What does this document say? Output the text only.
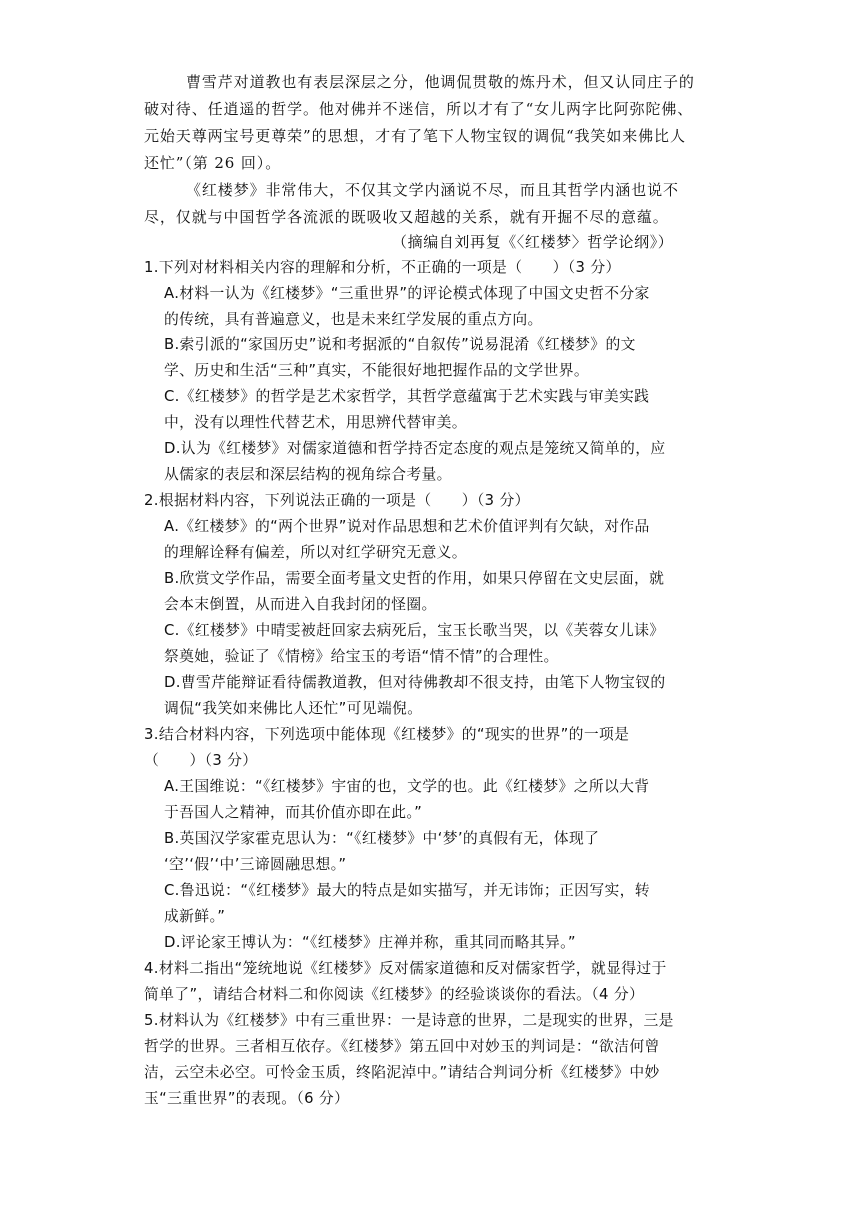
曹雪芹对道教也有表层深层之分，他调侃贯敬的炼丹术，但又认同庄子的
破对待、任逍遥的哲学。他对佛并不迷信，所以才有了“女儿两字比阿弥陀佛、
元始天尊两宝号更尊荣”的思想，才有了笔下人物宝钗的调侃“我笑如来佛比人
还忙”（第 26 回）。
《红楼梦》非常伟大，不仅其文学内涵说不尽，而且其哲学内涵也说不
尽，仅就与中国哲学各流派的既吸收又超越的关系，就有开掘不尽的意蕴。
（摘编自刘再复《〈红楼梦〉哲学论纲》）
1.下列对材料相关内容的理解和分析，不正确的一项是（　　）（3 分）
A.材料一认为《红楼梦》“三重世界”的评论模式体现了中国文史哲不分家
的传统，具有普遍意义，也是未来红学发展的重点方向。
B.索引派的“家国历史”说和考据派的“自叙传”说易混淆《红楼梦》的文
学、历史和生活“三种”真实，不能很好地把握作品的文学世界。
C.《红楼梦》的哲学是艺术家哲学，其哲学意蕴寓于艺术实践与审美实践
中，没有以理性代替艺术，用思辨代替审美。
D.认为《红楼梦》对儒家道德和哲学持否定态度的观点是笼统又简单的，应
从儒家的表层和深层结构的视角综合考量。
2.根据材料内容，下列说法正确的一项是（　　）（3 分）
A.《红楼梦》的“两个世界”说对作品思想和艺术价值评判有欠缺，对作品
的理解诠释有偏差，所以对红学研究无意义。
B.欣赏文学作品，需要全面考量文史哲的作用，如果只停留在文史层面，就
会本末倒置，从而进入自我封闭的怪圈。
C.《红楼梦》中晴雯被赶回家去病死后，宝玉长歌当哭，以《芙蓉女儿诔》
祭奠她，验证了《情榜》给宝玉的考语“情不情”的合理性。
D.曹雪芹能辩证看待儒教道教，但对待佛教却不很支持，由笔下人物宝钗的
调侃“我笑如来佛比人还忙”可见端倪。
3.结合材料内容，下列选项中能体现《红楼梦》的“现实的世界”的一项是
（　　）（3 分）
A.王国维说：“《红楼梦》宇宙的也，文学的也。此《红楼梦》之所以大背
于吾国人之精神，而其价值亦即在此。”
B.英国汉学家霍克思认为：“《红楼梦》中‘梦’的真假有无，体现了
‘空’‘假’‘中’三谛圆融思想。”
C.鲁迅说：“《红楼梦》最大的特点是如实描写，并无讳饰；正因写实，转
成新鲜。”
D.评论家王博认为：“《红楼梦》庄禅并称，重其同而略其异。”
4.材料二指出“笼统地说《红楼梦》反对儒家道德和反对儒家哲学，就显得过于
简单了”，请结合材料二和你阅读《红楼梦》的经验谈谈你的看法。（4 分）
5.材料认为《红楼梦》中有三重世界：一是诗意的世界，二是现实的世界，三是
哲学的世界。三者相互依存。《红楼梦》第五回中对妙玉的判词是：“欲洁何曾
洁，云空未必空。可怜金玉质，终陷泥淖中。”请结合判词分析《红楼梦》中妙
玉“三重世界”的表现。（6 分）
